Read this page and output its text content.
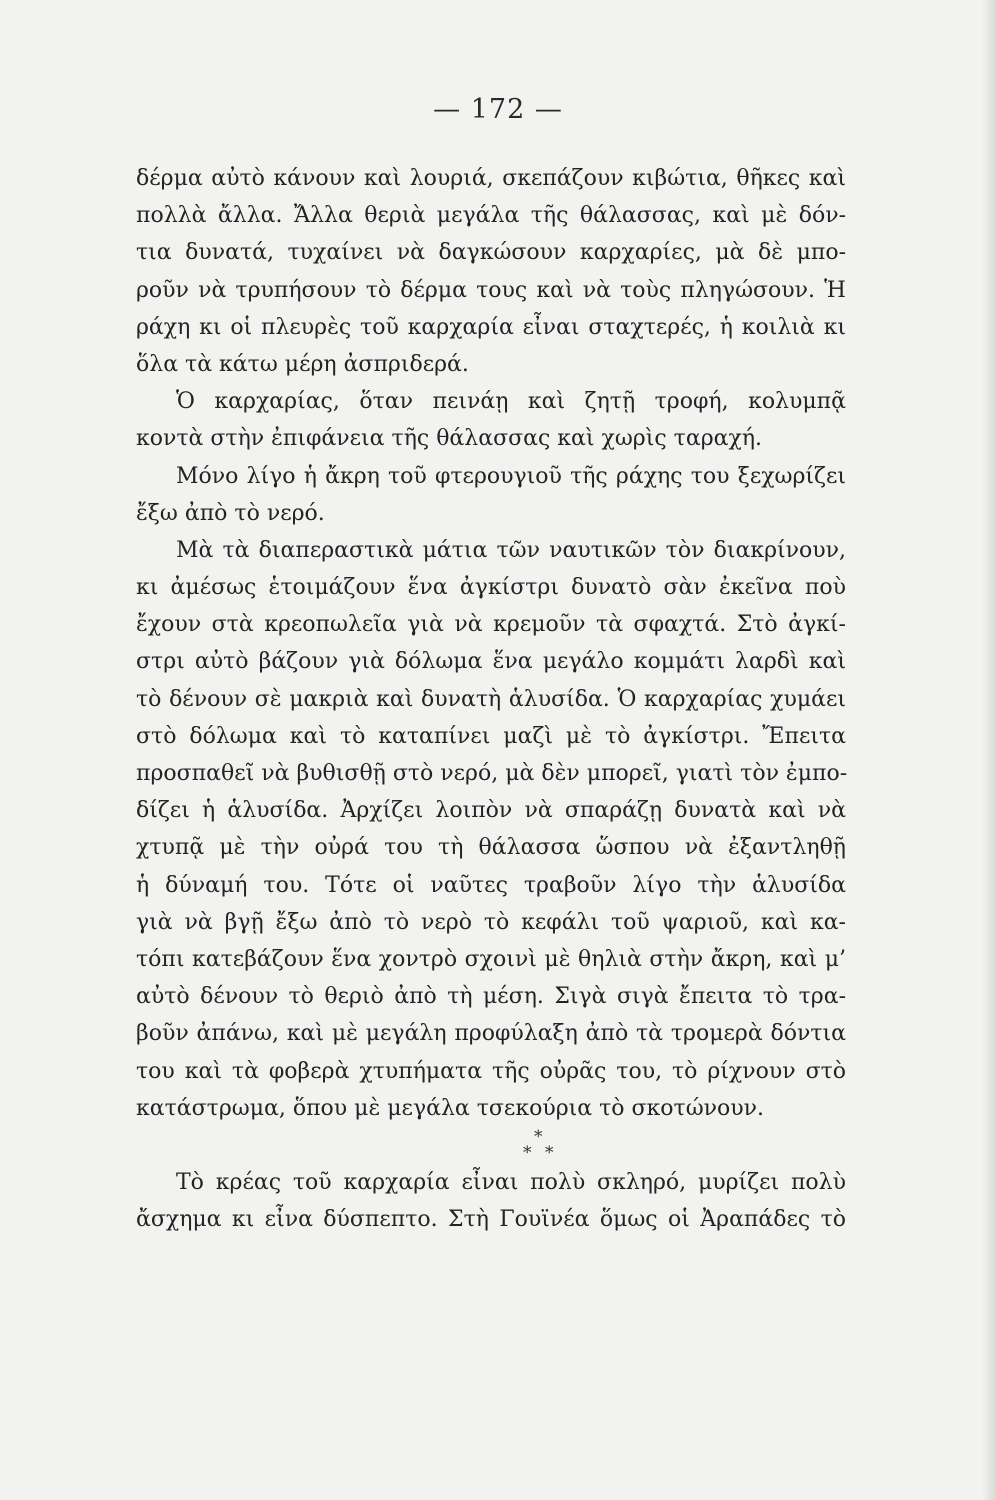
— 172 —
δέρμα αὐτὸ κάνουν καὶ λουριά, σκεπάζουν κιβώτια, θῆκες καὶ
πολλὰ ἄλλα. Ἄλλα θεριὰ μεγάλα τῆς θάλασσας, καὶ μὲ δόν-
τια δυνατά, τυχαίνει νὰ δαγκώσουν καρχαρίες, μὰ δὲ μπο-
ροῦν νὰ τρυπήσουν τὸ δέρμα τους καὶ νὰ τοὺς πληγώσουν. Ἡ
ράχη κι οἱ πλευρὲς τοῦ καρχαρία εἶναι σταχτερές, ἡ κοιλιὰ κι
ὅλα τὰ κάτω μέρη ἀσπριδερά.
Ὁ καρχαρίας, ὅταν πεινάῃ καὶ ζητῇ τροφή, κολυμπᾷ
κοντὰ στὴν ἐπιφάνεια τῆς θάλασσας καὶ χωρὶς ταραχή.
Μόνο λίγο ἡ ἄκρη τοῦ φτερουγιοῦ τῆς ράχης του ξεχωρίζει
ἔξω ἀπὸ τὸ νερό.
Μὰ τὰ διαπεραστικὰ μάτια τῶν ναυτικῶν τὸν διακρίνουν,
κι ἀμέσως ἑτοιμάζουν ἕνα ἀγκίστρι δυνατὸ σὰν ἐκεῖνα ποὺ
ἔχουν στὰ κρεοπωλεῖα γιὰ νὰ κρεμοῦν τὰ σφαχτά. Στὸ ἀγκί-
στρι αὐτὸ βάζουν γιὰ δόλωμα ἕνα μεγάλο κομμάτι λαρδὶ καὶ
τὸ δένουν σὲ μακριὰ καὶ δυνατὴ ἁλυσίδα. Ὁ καρχαρίας χυμάει
στὸ δόλωμα καὶ τὸ καταπίνει μαζὶ μὲ τὸ ἀγκίστρι. Ἔπειτα
προσπαθεῖ νὰ βυθισθῇ στὸ νερό, μὰ δὲν μπορεῖ, γιατὶ τὸν ἐμπο-
δίζει ἡ ἁλυσίδα. Ἀρχίζει λοιπὸν νὰ σπαράζῃ δυνατὰ καὶ νὰ
χτυπᾷ μὲ τὴν οὐρά του τὴ θάλασσα ὥσπου νὰ ἐξαντληθῇ
ἡ δύναμή του. Τότε οἱ ναῦτες τραβοῦν λίγο τὴν ἁλυσίδα
γιὰ νὰ βγῇ ἔξω ἀπὸ τὸ νερὸ τὸ κεφάλι τοῦ ψαριοῦ, καὶ κα-
τόπι κατεβάζουν ἕνα χοντρὸ σχοινὶ μὲ θηλιὰ στὴν ἄκρη, καὶ μ’
αὐτὸ δένουν τὸ θεριὸ ἀπὸ τὴ μέση. Σιγὰ σιγὰ ἔπειτα τὸ τρα-
βοῦν ἀπάνω, καὶ μὲ μεγάλη προφύλαξη ἀπὸ τὰ τρομερὰ δόντια
του καὶ τὰ φοβερὰ χτυπήματα τῆς οὐρᾶς του, τὸ ρίχνουν στὸ
κατάστρωμα, ὅπου μὲ μεγάλα τσεκούρια τὸ σκοτώνουν.
*
* *
Τὸ κρέας τοῦ καρχαρία εἶναι πολὺ σκληρό, μυρίζει πολὺ
ἄσχημα κι εἶνα δύσπεπτο. Στὴ Γουϊνέα ὅμως οἱ Ἀραπάδες τὸ
